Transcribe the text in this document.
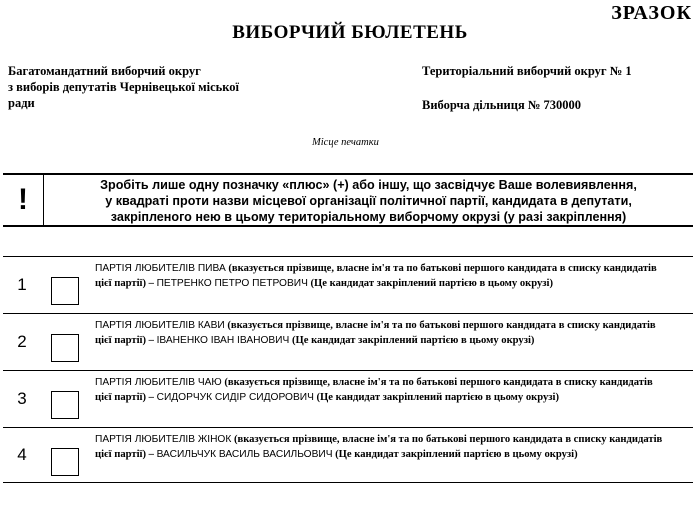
ЗРАЗОК
ВИБОРЧИЙ БЮЛЕТЕНЬ
Багатомандатний виборчий округ
з виборів депутатів Чернівецької міської
ради
Територіальний виборчий округ № 1
Виборча дільниця № 730000
Місце печатки
!	Зробіть лише одну позначку «плюс» (+) або іншу, що засвідчує Ваше волевиявлення,
у квадраті проти назви місцевої організації політичної партії, кандидата в депутати,
закріпленого нею в цьому територіальному виборчому окрузі (у разі закріплення)
1
ПАРТІЯ ЛЮБИТЕЛІВ ПИВА (вказується прізвище, власне ім'я та по батькові першого кандидата в списку кандидатів цієї партії) – ПЕТРЕНКО ПЕТРО ПЕТРОВИЧ (Це кандидат закріплений партією в цьому окрузі)
2
ПАРТІЯ ЛЮБИТЕЛІВ КАВИ (вказується прізвище, власне ім'я та по батькові першого кандидата в списку кандидатів цієї партії) – ІВАНЕНКО ІВАН ІВАНОВИЧ (Це кандидат закріплений партією в цьому окрузі)
3
ПАРТІЯ ЛЮБИТЕЛІВ ЧАЮ (вказується прізвище, власне ім'я та по батькові першого кандидата в списку кандидатів цієї партії) – СИДОРЧУК СИДІР СИДОРОВИЧ (Це кандидат закріплений партією в цьому окрузі)
4
ПАРТІЯ ЛЮБИТЕЛІВ ЖІНОК (вказується прізвище, власне ім'я та по батькові першого кандидата в списку кандидатів цієї партії) – ВАСИЛЬЧУК ВАСИЛЬ ВАСИЛЬОВИЧ (Це кандидат закріплений партією в цьому окрузі)
